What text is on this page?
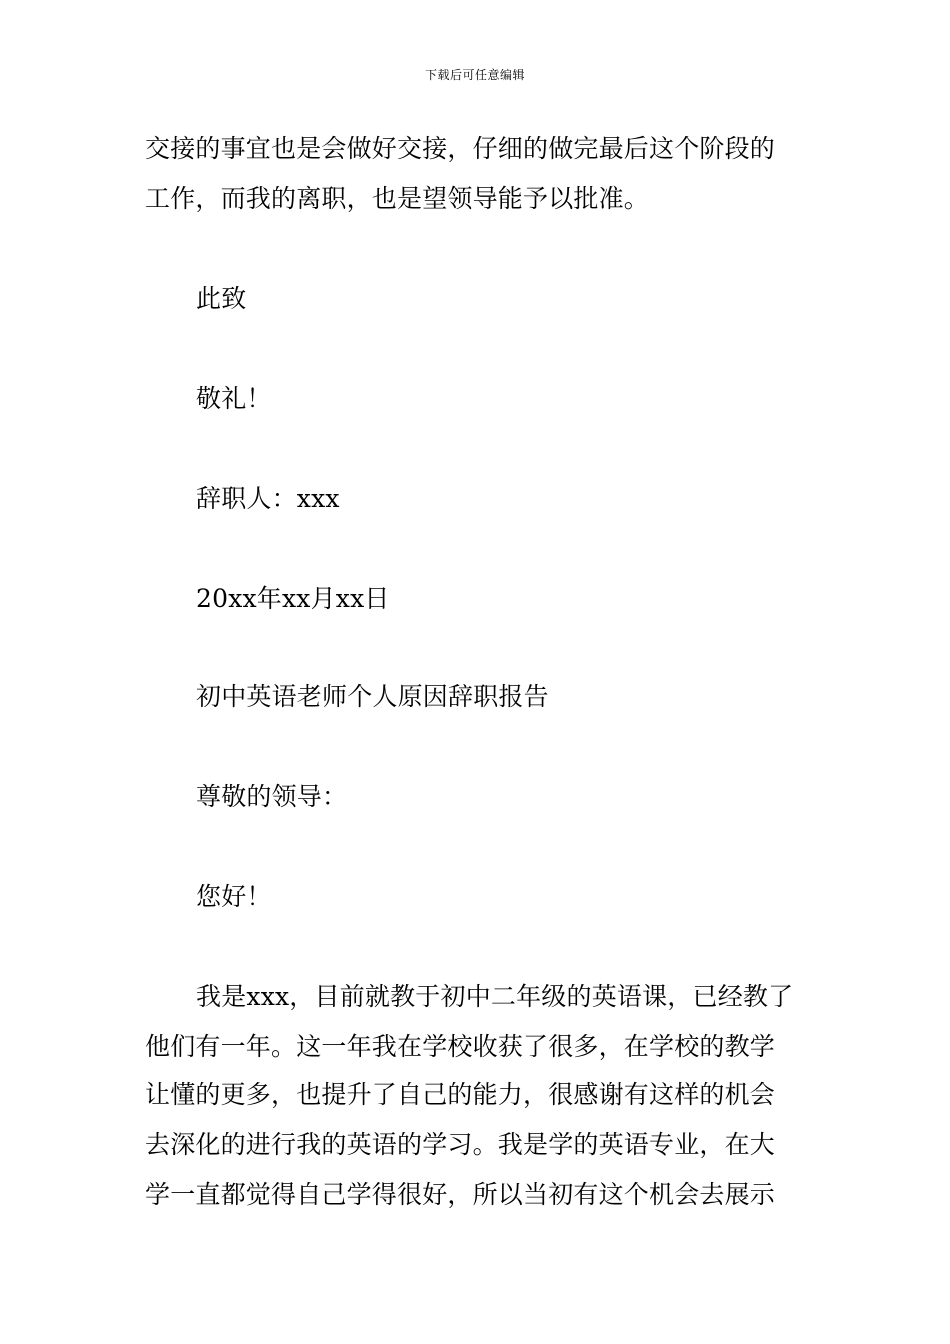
下载后可任意编辑
交接的事宜也是会做好交接，仔细的做完最后这个阶段的
工作，而我的离职，也是望领导能予以批准。
此致
敬礼！
辞职人：xxx
20xx年xx月xx日
初中英语老师个人原因辞职报告
尊敬的领导：
您好！
我是xxx，目前就教于初中二年级的英语课，已经教了
他们有一年。这一年我在学校收获了很多，在学校的教学
让懂的更多，也提升了自己的能力，很感谢有这样的机会
去深化的进行我的英语的学习。我是学的英语专业，在大
学一直都觉得自己学得很好，所以当初有这个机会去展示
